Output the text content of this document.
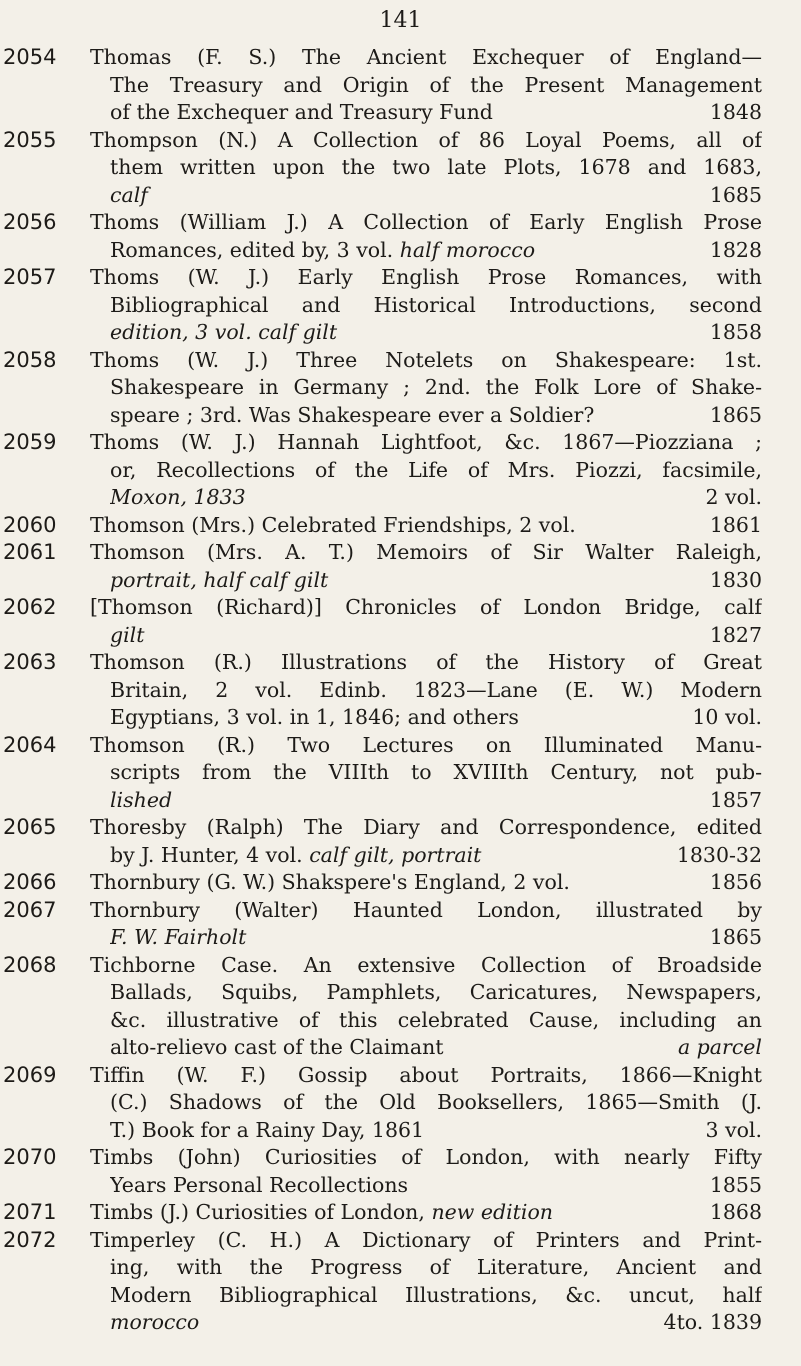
141
2054 Thomas (F. S.) The Ancient Exchequer of England—
The Treasury and Origin of the Present Management
of the Exchequer and Treasury Fund	1848
2055 Thompson (N.) A Collection of 86 Loyal Poems, all of
them written upon the two late Plots, 1678 and 1683,
calf	1685
2056 Thoms (William J.) A Collection of Early English Prose
Romances, edited by, 3 vol. half morocco	1828
2057 Thoms (W. J.) Early English Prose Romances, with
Bibliographical and Historical Introductions, second
edition, 3 vol. calf gilt	1858
2058 Thoms (W. J.) Three Notelets on Shakespeare: 1st.
Shakespeare in Germany ; 2nd. the Folk Lore of Shake-
speare ; 3rd. Was Shakespeare ever a Soldier?	1865
2059 Thoms (W. J.) Hannah Lightfoot, &c. 1867—Piozziana ;
or, Recollections of the Life of Mrs. Piozzi, facsimile,
Moxon, 1833	2 vol.
2060 Thomson (Mrs.) Celebrated Friendships, 2 vol.	1861
2061 Thomson (Mrs. A. T.) Memoirs of Sir Walter Raleigh,
portrait, half calf gilt	1830
2062 [Thomson (Richard)] Chronicles of London Bridge, calf
gilt	1827
2063 Thomson (R.) Illustrations of the History of Great
Britain, 2 vol. Edinb. 1823—Lane (E. W.) Modern
Egyptians, 3 vol. in 1, 1846; and others	10 vol.
2064 Thomson (R.) Two Lectures on Illuminated Manu-
scripts from the VIIIth to XVIIIth Century, not pub-
lished	1857
2065 Thoresby (Ralph) The Diary and Correspondence, edited
by J. Hunter, 4 vol. calf gilt, portrait	1830-32
2066 Thornbury (G. W.) Shakspere's England, 2 vol.	1856
2067 Thornbury (Walter) Haunted London, illustrated by
F. W. Fairholt	1865
2068 Tichborne Case. An extensive Collection of Broadside
Ballads, Squibs, Pamphlets, Caricatures, Newspapers,
&c. illustrative of this celebrated Cause, including an
alto-relievo cast of the Claimant	a parcel
2069 Tiffin (W. F.) Gossip about Portraits, 1866—Knight
(C.) Shadows of the Old Booksellers, 1865—Smith (J.
T.) Book for a Rainy Day, 1861	3 vol.
2070 Timbs (John) Curiosities of London, with nearly Fifty
Years Personal Recollections	1855
2071 Timbs (J.) Curiosities of London, new edition	1868
2072 Timperley (C. H.) A Dictionary of Printers and Print-
ing, with the Progress of Literature, Ancient and
Modern Bibliographical Illustrations, &c. uncut, half
morocco	4to. 1839
